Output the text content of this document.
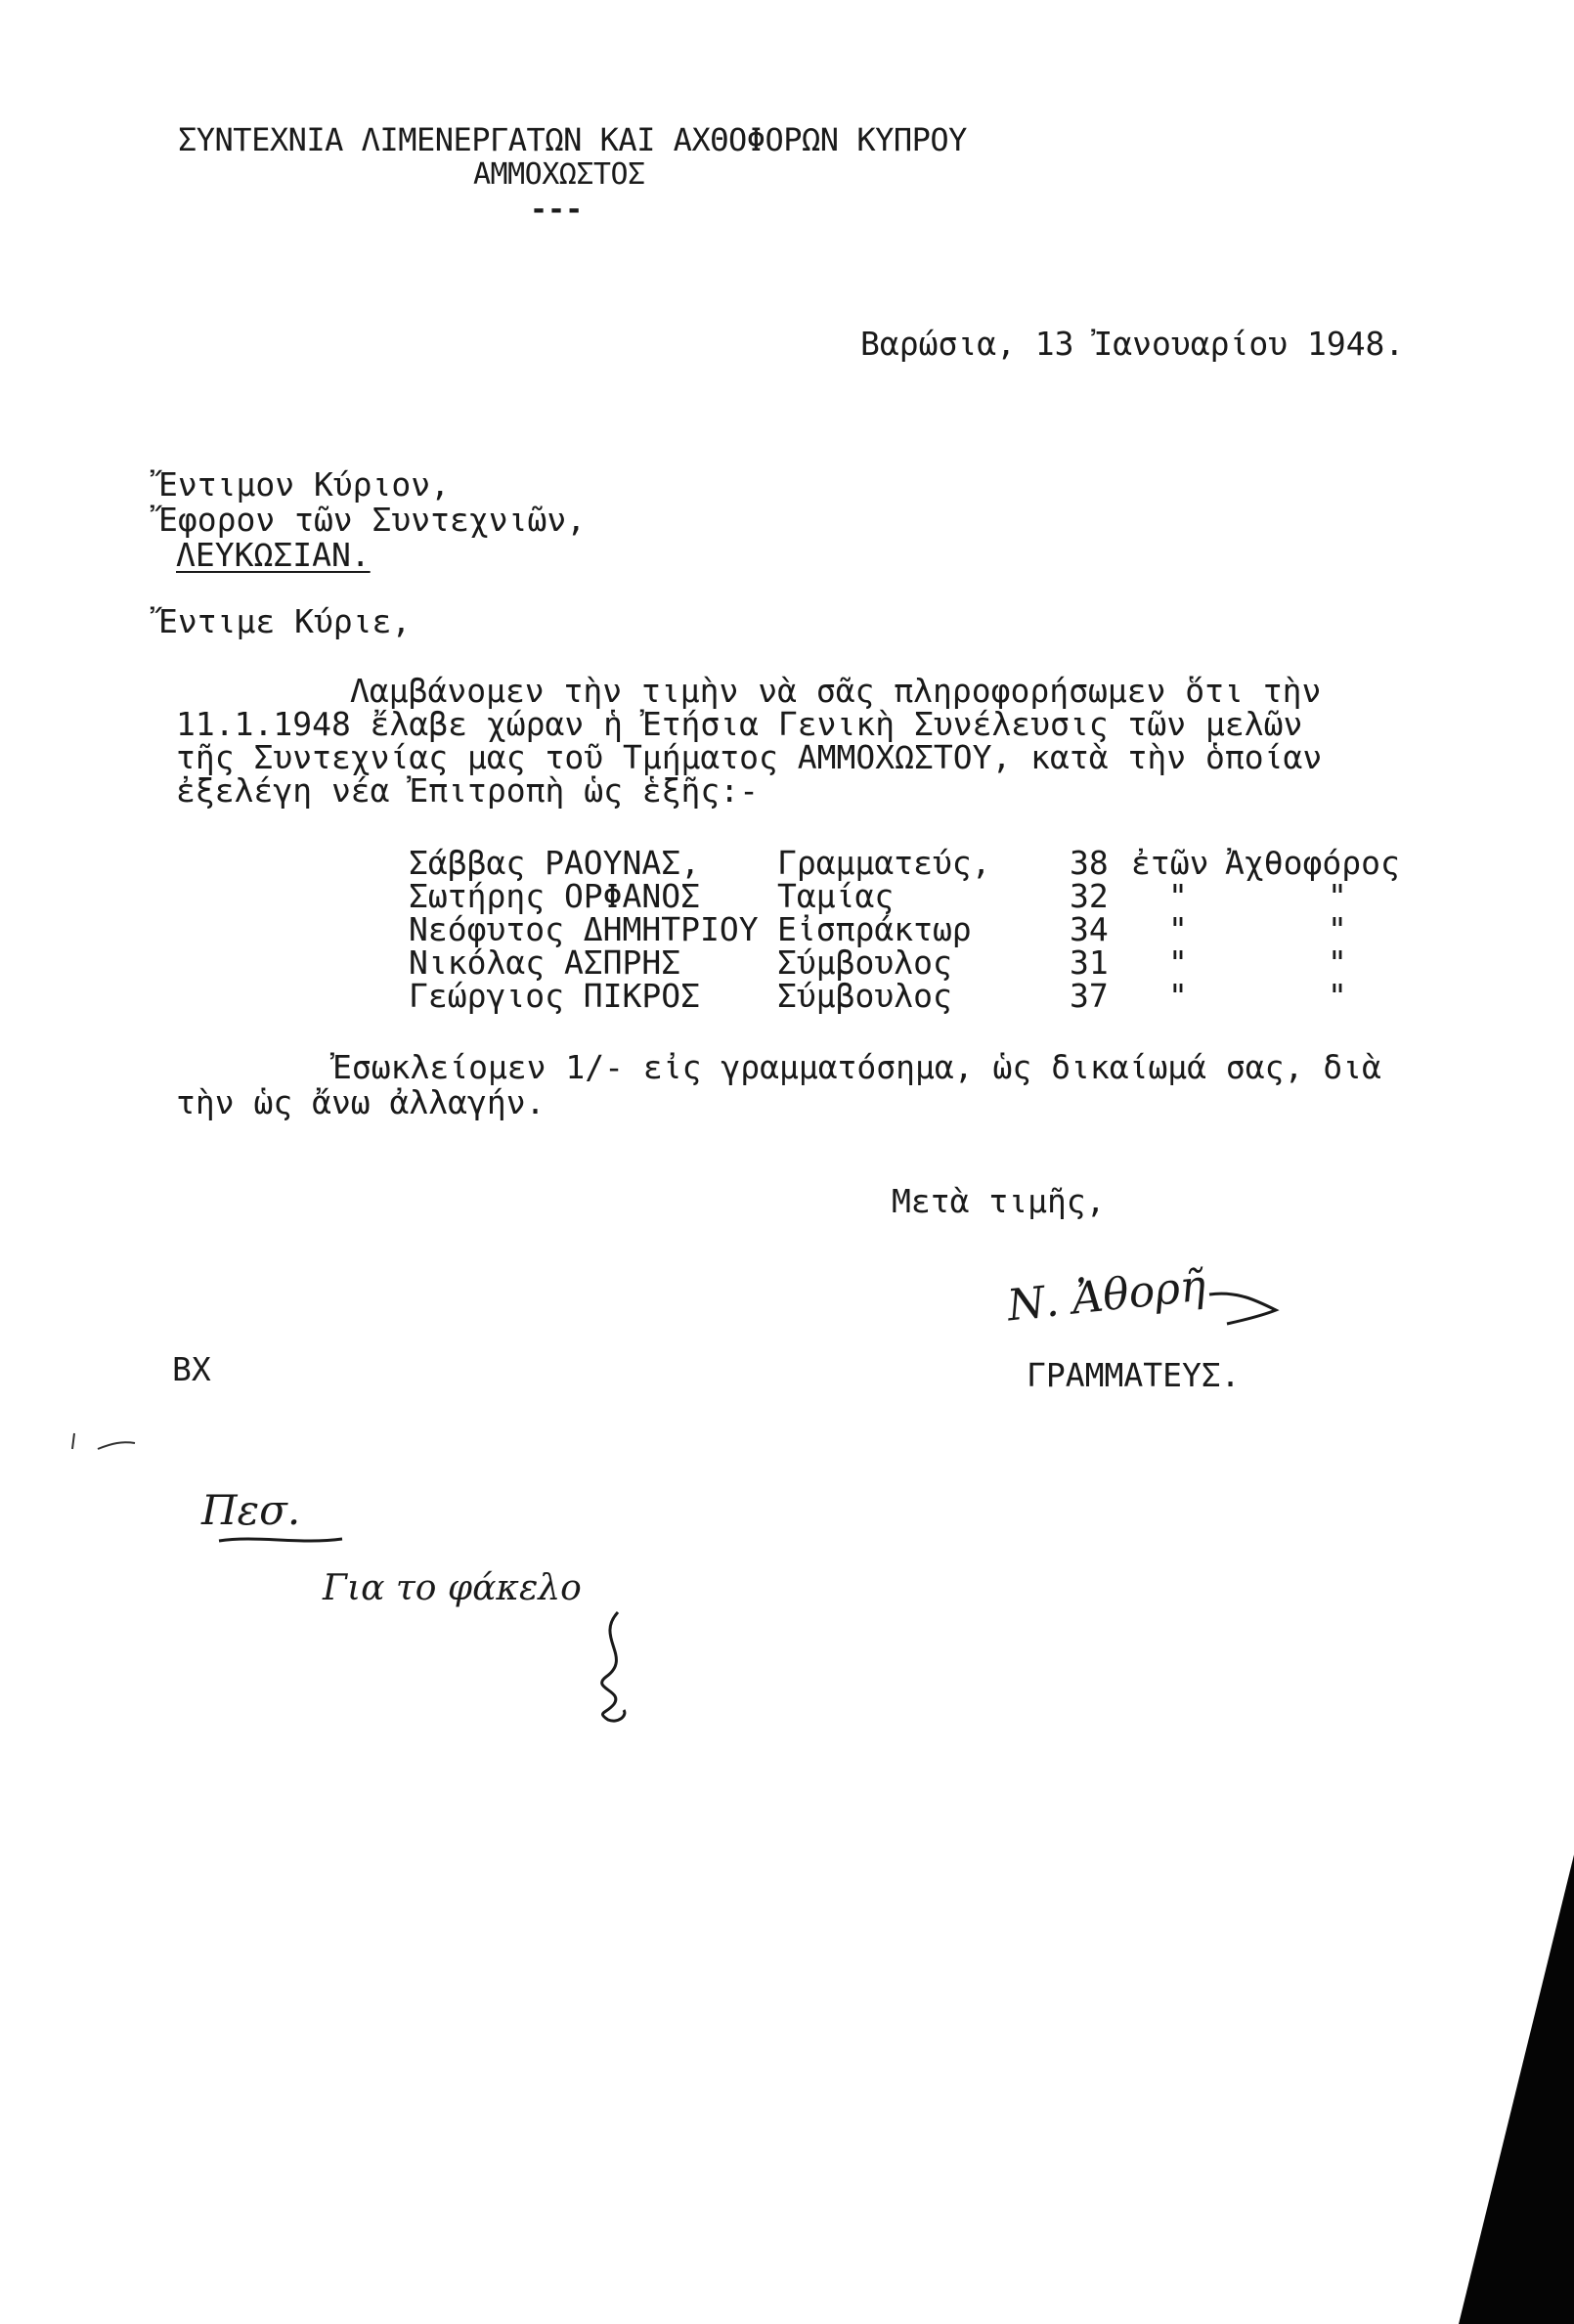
ΣΥΝΤΕΧΝΙΑ ΛΙΜΕΝΕΡΓΑΤΩΝ ΚΑΙ ΑΧΘΟΦΟΡΩΝ ΚΥΠΡΟΥ
ΑΜΜΟΧΩΣΤΟΣ
---
Βαρώσια, 13 Ἰανουαρίου 1948.
Ἔντιμον Κύριον,
Ἔφορον τῶν Συντεχνιῶν,
ΛΕΥΚΩΣΙΑΝ.
Ἔντιμε Κύριε,
Λαμβάνομεν τὴν τιμὴν νὰ σᾶς πληροφορήσωμεν ὅτι τὴν
11.1.1948 ἔλαβε χώραν ἡ Ἐτήσια Γενικὴ Συνέλευσις τῶν μελῶν
τῆς Συντεχνίας μας τοῦ Τμήματος ΑΜΜΟΧΩΣΤΟΥ, κατὰ τὴν ὁποίαν
ἐξελέγη νέα Ἐπιτροπὴ ὡς ἑξῆς:-
Σάββας ΡΑΟΥΝΑΣ, Γραμματεύς, 38 ἐτῶν Ἀχθοφόρος
Σωτήρης ΟΡΦΑΝΟΣ Ταμίας	32 "	"
Νεόφυτος ΔΗΜΗΤΡΙΟΥ Εἰσπράκτωρ	34 "	"
Νικόλας ΑΣΠΡΗΣ	Σύμβουλος	31 "	"
Γεώργιος ΠΙΚΡΟΣ Σύμβουλος	37 "	"
Ἐσωκλείομεν 1/- εἰς γραμματόσημα, ὡς δικαίωμά σας, διὰ
τὴν ὡς ἄνω ἀλλαγήν.
Μετὰ τιμῆς,
Ν. Ἀθορῆ
ΓΡΑΜΜΑΤΕΥΣ.
ΒΧ
Πεσ.
Για τo φάκελο
